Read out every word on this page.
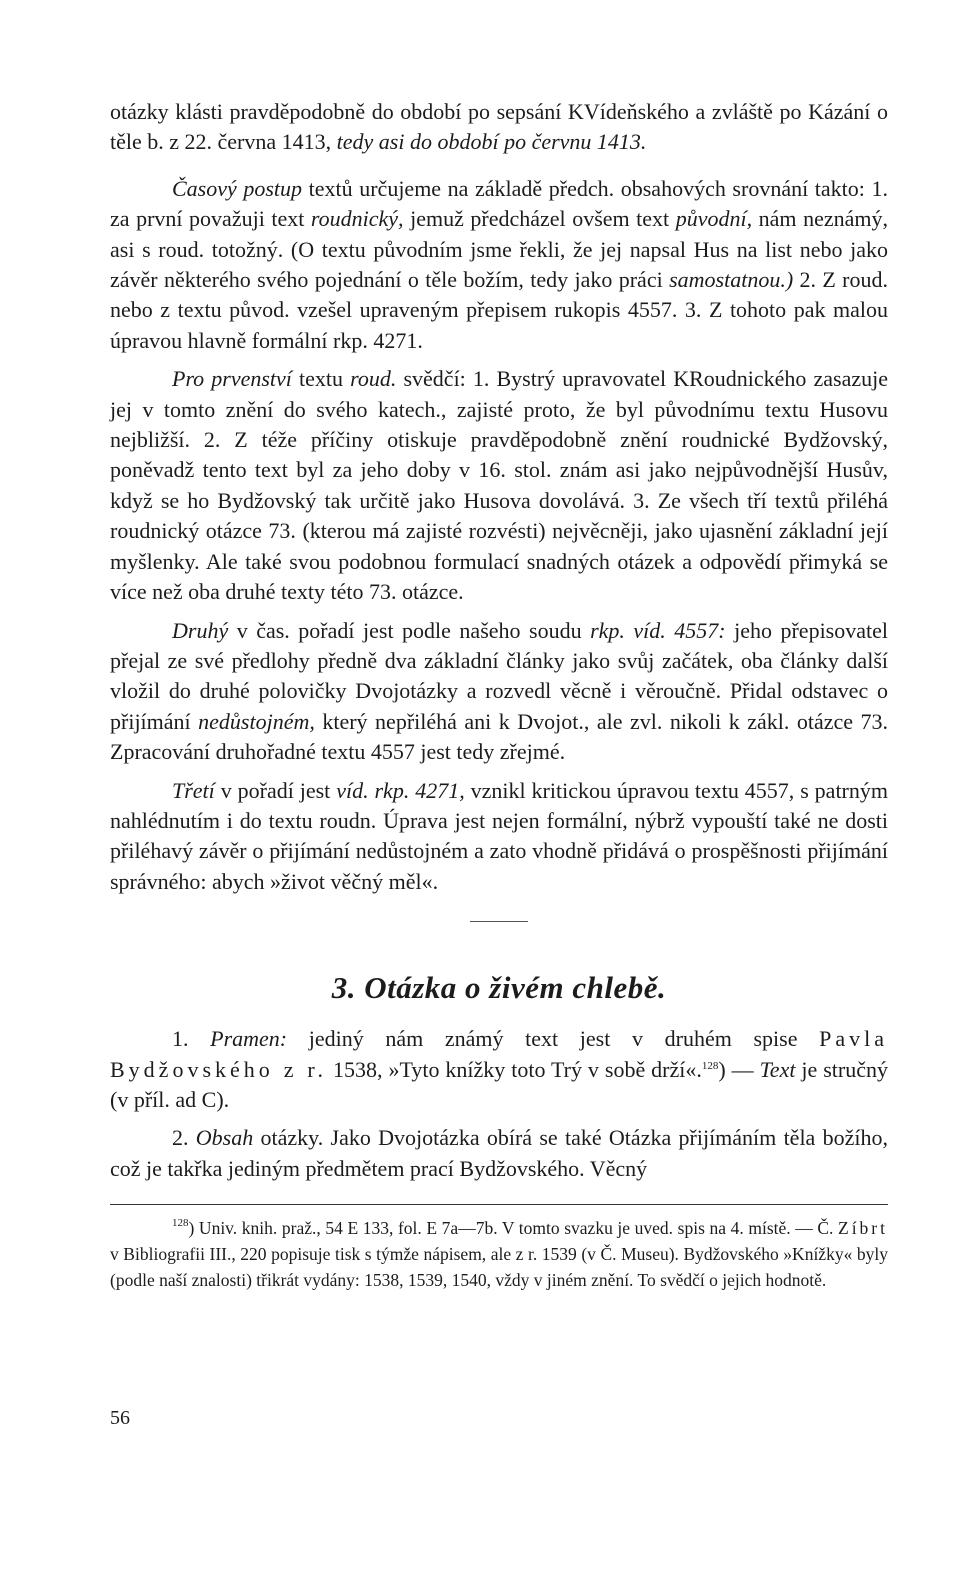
otázky klásti pravděpodobně do období po sepsání KVídeňského a zvláště po Kázání o těle b. z 22. června 1413, tedy asi do období po červnu 1413.

Časový postup textů určujeme na základě předch. obsahových srovnání takto: 1. za první považuji text roudnický, jemuž předcházel ovšem text původní, nám neznámý, asi s roud. totožný. (O textu původním jsme řekli, že jej napsal Hus na list nebo jako závěr některého svého pojednání o těle božím, tedy jako práci samostatnou.) 2. Z roud. nebo z textu původ. vzešel upraveným přepisem rukopis 4557. 3. Z tohoto pak malou úpravou hlavně formální rkp. 4271.

Pro prvenství textu roud. svědčí: 1. Bystrý upravovatel KRoudnického zasazuje jej v tomto znění do svého katech., zajisté proto, že byl původnímu textu Husovu nejbližší. 2. Z téže příčiny otiskuje pravděpodobně znění roudnické Bydžovský, poněvadž tento text byl za jeho doby v 16. stol. znám asi jako nejpůvodnější Husův, když se ho Bydžovský tak určitě jako Husova dovolává. 3. Ze všech tří textů přiléhá roudnický otázce 73. (kterou má zajisté rozvésti) nejvěcněji, jako ujasnění základní její myšlenky. Ale také svou podobnou formulací snadných otázek a odpovědí přimyká se více než oba druhé texty této 73. otázce.

Druhý v čas. pořadí jest podle našeho soudu rkp. víd. 4557: jeho přepisovatel přejal ze své předlohy předně dva základní články jako svůj začátek, oba články další vložil do druhé polovičky Dvojotázky a rozvedl věcně i věroučně. Přidal odstavec o přijímání nedůstojném, který nepřiléhá ani k Dvojot., ale zvl. nikoli k zákl. otázce 73. Zpracování druhořadné textu 4557 jest tedy zřejmé.

Třetí v pořadí jest víd. rkp. 4271, vznikl kritickou úpravou textu 4557, s patrným nahlédnutím i do textu roudn. Úprava jest nejen formální, nýbrž vypouští také ne dosti přiléhavý závěr o přijímání nedůstojném a zato vhodně přidává o prospěšnosti přijímání správného: abych »život věčný měl«.

3. Otázka o živém chlebě.

1. Pramen: jediný nám známý text jest v druhém spise Pavla Bydžovského z r. 1538, »Tyto knížky toto Trý v sobě drží«.$^{128}$) — Text je stručný (v příl. ad C).

2. Obsah otázky. Jako Dvojotázka obírá se také Otázka přijímáním těla božího, což je takřka jediným předmětem prací Bydžovského. Věcný

$^{128}$) Univ. knih. praž., 54 E 133, fol. E 7a—7b. V tomto svazku je uved. spis na 4. místě. — Č. Zíbrt v Bibliografii III., 220 popisuje tisk s týmže nápisem, ale z r. 1539 (v Č. Museu). Bydžovského »Knížky« byly (podle naší znalosti) třikrát vydány: 1538, 1539, 1540, vždy v jiném znění. To svědčí o jejich hodnotě.

56
